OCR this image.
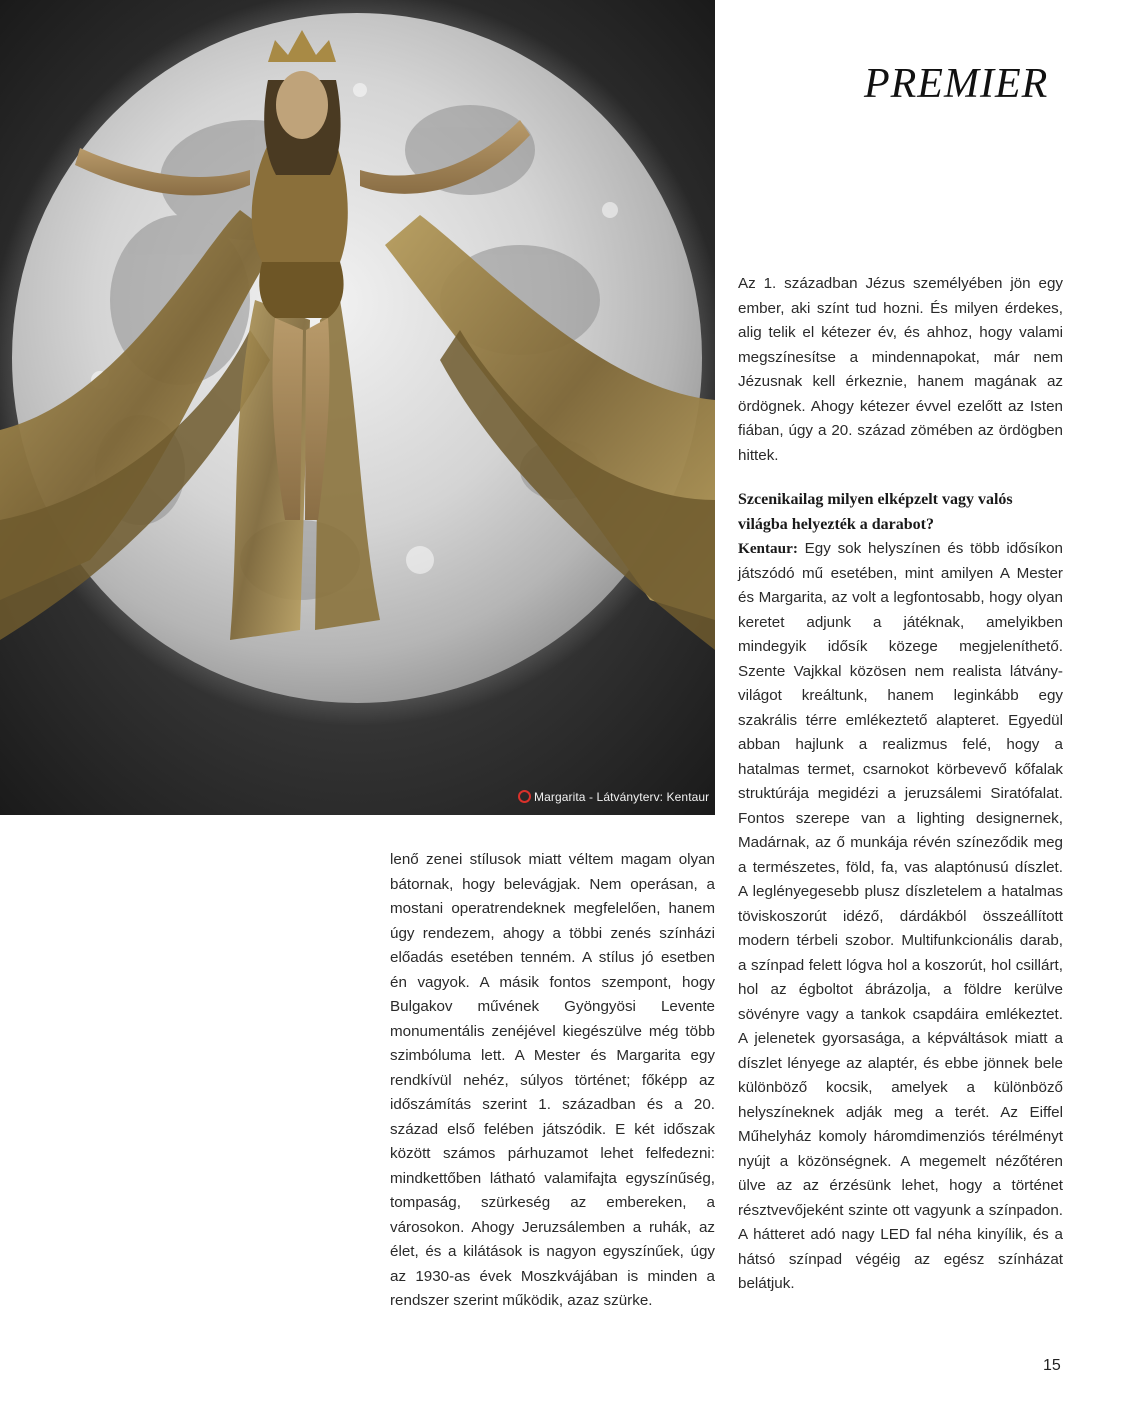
Margarita - Látványterv: Kentaur
PREMIER

Az 1. században Jézus személyében jön egy ember, aki színt tud hozni. És milyen érdekes, alig telik el kétezer év, és ahhoz, hogy valami megszínesítse a mindennapokat, már nem Jézusnak kell érkeznie, hanem magának az ördögnek. Ahogy kétezer évvel ezelőtt az Isten fiában, úgy a 20. század zömében az ördögben hittek.

Szcenikailag milyen elképzelt vagy valós világba helyezték a darabot?

Kentaur: Egy sok helyszínen és több idősíkon játszódó mű esetében, mint amilyen A Mester és Margarita, az volt a legfontosabb, hogy olyan keretet adjunk a játéknak, amelyikben mindegyik idősík közege megjeleníthető. Szente Vajkkal közösen nem realista látvány-világot kreáltunk, hanem leginkább egy szakrális térre emlékeztető alapteret. Egyedül abban hajlunk a realizmus felé, hogy a hatalmas termet, csarnokot körbevevő kőfalak struktúrája megidézi a jeruzsálemi Siratófalat. Fontos szerepe van a lighting designernek, Madárnak, az ő munkája révén színeződik meg a természetes, föld, fa, vas alaptónusú díszlet. A leglényegesebb plusz díszletelem a hatalmas töviskoszorút idéző, dárdákból összeállított modern térbeli szobor. Multifunkcionális darab, a színpad felett lógva hol a koszorút, hol csillárt, hol az égboltot ábrázolja, a földre kerülve sövényre vagy a tankok csapdáira emlékeztet. A jelenetek gyorsasága, a képváltások miatt a díszlet lényege az alaptér, és ebbe jönnek bele különböző kocsik, amelyek a különböző helyszíneknek adják meg a terét. Az Eiffel Műhelyház komoly háromdimenziós térélményt nyújt a közönségnek. A megemelt nézőtéren ülve az az érzésünk lehet, hogy a történet résztvevőjeként szinte ott vagyunk a színpadon. A hátteret adó nagy LED fal néha kinyílik, és a hátsó színpad végéig az egész színházat belátjuk.

lenő zenei stílusok miatt véltem magam olyan bátornak, hogy belevágjak. Nem operásan, a mostani operatrendeknek megfelelően, hanem úgy rendezem, ahogy a többi zenés színházi előadás esetében tenném. A stílus jó esetben én vagyok. A másik fontos szempont, hogy Bulgakov művének Gyöngyösi Levente monumentális zenéjével kiegészülve még több szimbóluma lett. A Mester és Margarita egy rendkívül nehéz, súlyos történet; főképp az időszámítás szerint 1. században és a 20. század első felében játszódik. E két időszak között számos párhuzamot lehet felfedezni: mindkettőben látható valamifajta egyszínűség, tompaság, szürkeség az embereken, a városokon. Ahogy Jeruzsálemben a ruhák, az élet, és a kilátások is nagyon egyszínűek, úgy az 1930-as évek Moszkvájában is minden a rendszer szerint működik, azaz szürke.

15
